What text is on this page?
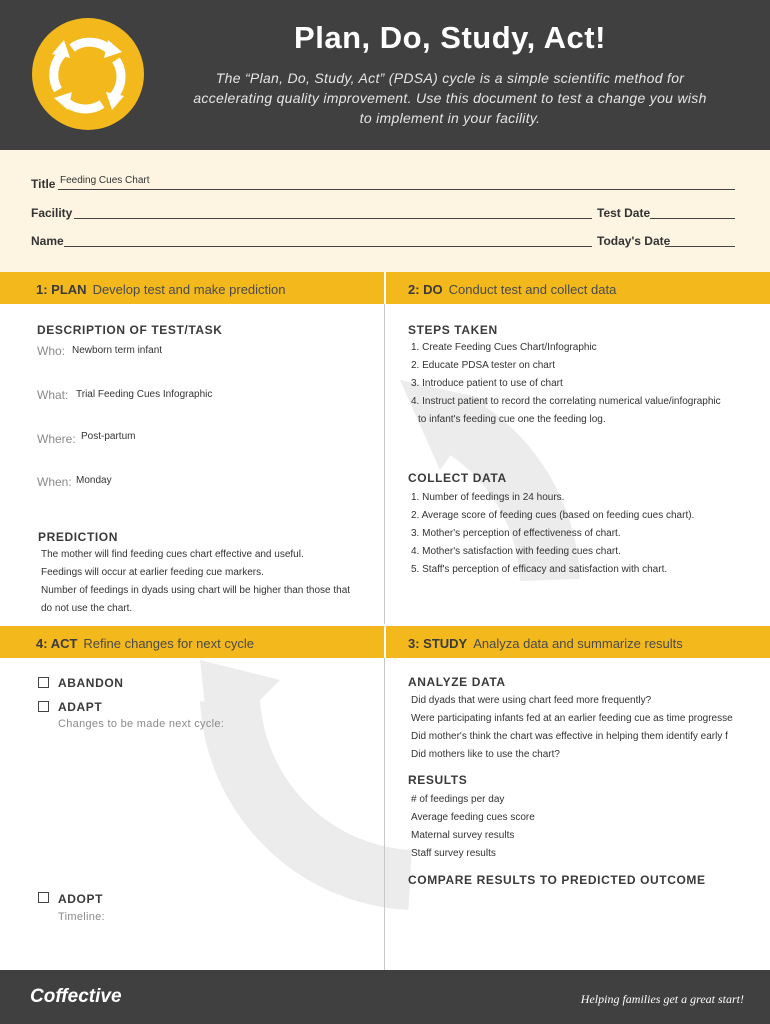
Plan, Do, Study, Act!
The “Plan, Do, Study, Act” (PDSA) cycle is a simple scientific method for accelerating quality improvement. Use this document to test a change you wish to implement in your facility.
Title Feeding Cues Chart
Facility	Test Date
Name	Today's Date
1: PLAN Develop test and make prediction	2: DO Conduct test and collect data
DESCRIPTION OF TEST/TASK
Who: Newborn term infant
What: Trial Feeding Cues Infographic
Where: Post-partum
When: Monday
PREDICTION
The mother will find feeding cues chart effective and useful.
Feedings will occur at earlier feeding cue markers.
Number of feedings in dyads using chart will be higher than those that
do not use the chart.
STEPS TAKEN
1. Create Feeding Cues Chart/Infographic
2. Educate PDSA tester on chart
3. Introduce patient to use of chart
4. Instruct patient to record the correlating numerical value/infographic
to infant's feeding cue one the feeding log.
COLLECT DATA
1. Number of feedings in 24 hours.
2. Average score of feeding cues (based on feeding cues chart).
3. Mother's perception of effectiveness of chart.
4. Mother's satisfaction with feeding cues chart.
5. Staff's perception of efficacy and satisfaction with chart.
4: ACT Refine changes for next cycle	3: STUDY Analyza data and summarize results
ABANDON
ADAPT
Changes to be made next cycle:
ADOPT
Timeline:
ANALYZE DATA
Did dyads that were using chart feed more frequently?
Were participating infants fed at an earlier feeding cue as time progresse
Did mother's think the chart was effective in helping them identify early f
Did mothers like to use the chart?
RESULTS
# of feedings per day
Average feeding cues score
Maternal survey results
Staff survey results
COMPARE RESULTS TO PREDICTED OUTCOME
Coffective	Helping families get a great start!
